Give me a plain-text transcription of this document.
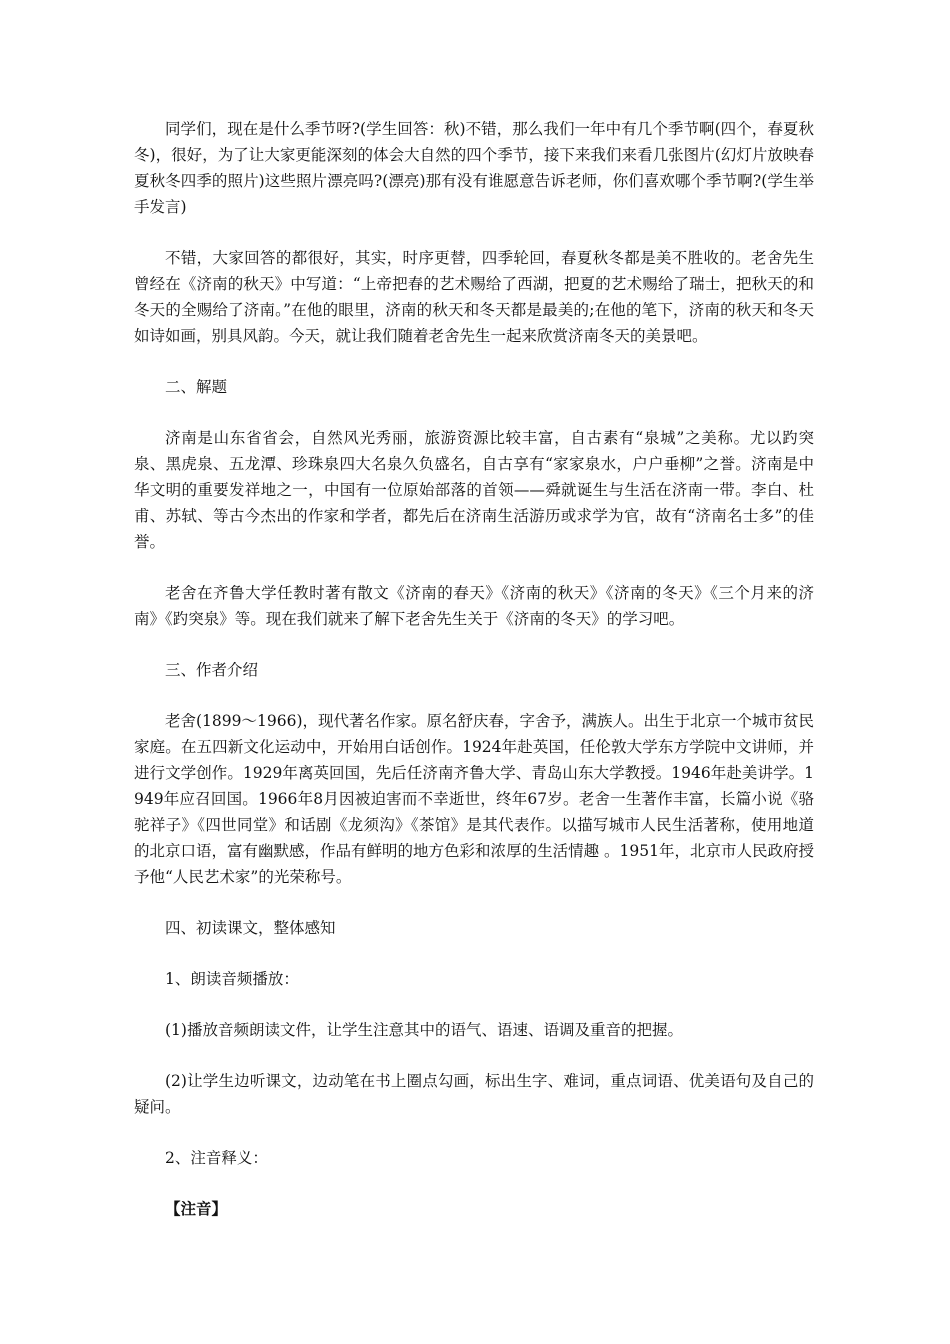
同学们，现在是什么季节呀?(学生回答：秋)不错，那么我们一年中有几个季节啊(四个，春夏秋冬)，很好，为了让大家更能深刻的体会大自然的四个季节，接下来我们来看几张图片(幻灯片放映春夏秋冬四季的照片)这些照片漂亮吗?(漂亮)那有没有谁愿意告诉老师，你们喜欢哪个季节啊?(学生举手发言)

不错，大家回答的都很好，其实，时序更替，四季轮回，春夏秋冬都是美不胜收的。老舍先生曾经在《济南的秋天》中写道：“上帝把春的艺术赐给了西湖，把夏的艺术赐给了瑞士，把秋天的和冬天的全赐给了济南。”在他的眼里，济南的秋天和冬天都是最美的;在他的笔下，济南的秋天和冬天如诗如画，别具风韵。今天，就让我们随着老舍先生一起来欣赏济南冬天的美景吧。

二、解题

济南是山东省省会，自然风光秀丽，旅游资源比较丰富，自古素有“泉城”之美称。尤以趵突泉、黑虎泉、五龙潭、珍珠泉四大名泉久负盛名，自古享有“家家泉水，户户垂柳”之誉。济南是中华文明的重要发祥地之一，中国有一位原始部落的首领——舜就诞生与生活在济南一带。李白、杜甫、苏轼、等古今杰出的作家和学者，都先后在济南生活游历或求学为官，故有“济南名士多”的佳誉。

老舍在齐鲁大学任教时著有散文《济南的春天》《济南的秋天》《济南的冬天》《三个月来的济南》《趵突泉》等。现在我们就来了解下老舍先生关于《济南的冬天》的学习吧。

三、作者介绍

老舍(1899～1966)，现代著名作家。原名舒庆春，字舍予，满族人。出生于北京一个城市贫民家庭。在五四新文化运动中，开始用白话创作。1924年赴英国，任伦敦大学东方学院中文讲师，并进行文学创作。1929年离英回国，先后任济南齐鲁大学、青岛山东大学教授。1946年赴美讲学。1949年应召回国。1966年8月因被迫害而不幸逝世，终年67岁。老舍一生著作丰富，长篇小说《骆驼祥子》《四世同堂》和话剧《龙须沟》《茶馆》是其代表作。以描写城市人民生活著称，使用地道的北京口语，富有幽默感，作品有鲜明的地方色彩和浓厚的生活情趣 。1951年，北京市人民政府授予他“人民艺术家”的光荣称号。

四、初读课文，整体感知

1、朗读音频播放：

(1)播放音频朗读文件，让学生注意其中的语气、语速、语调及重音的把握。

(2)让学生边听课文，边动笔在书上圈点勾画，标出生字、难词，重点词语、优美语句及自己的疑问。

2、注音释义：

【注音】
